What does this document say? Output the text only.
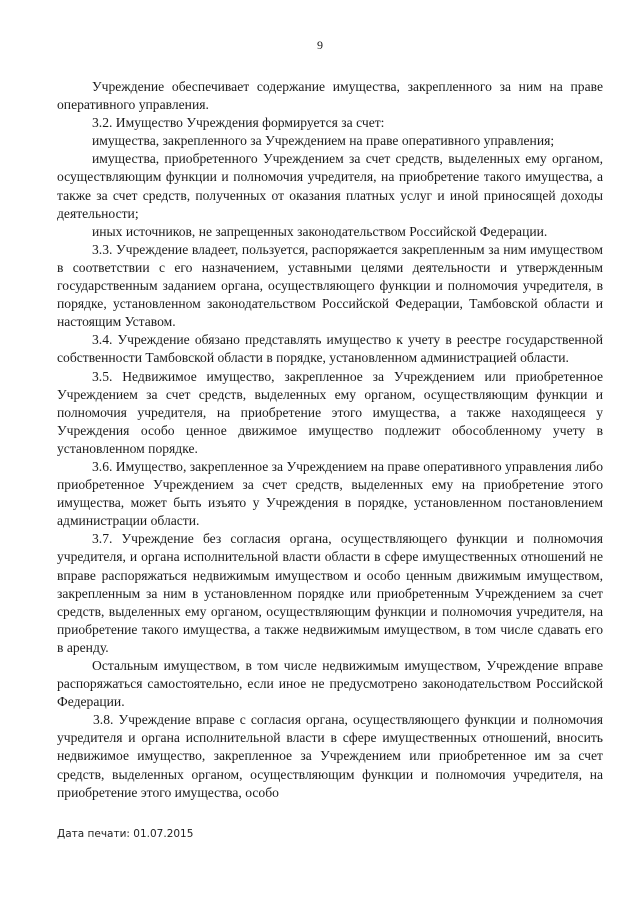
9

Учреждение обеспечивает содержание имущества, закрепленного за ним на праве оперативного управления.

3.2. Имущество Учреждения формируется за счет:

имущества, закрепленного за Учреждением на праве оперативного управления;

имущества, приобретенного Учреждением за счет средств, выделенных ему органом, осуществляющим функции и полномочия учредителя, на приобретение такого имущества, а также за счет средств, полученных от оказания платных услуг и иной приносящей доходы деятельности;

иных источников, не запрещенных законодательством Российской Федерации.

3.3. Учреждение владеет, пользуется, распоряжается закрепленным за ним имуществом в соответствии с его назначением, уставными целями деятельности и утвержденным государственным заданием органа, осуществляющего функции и полномочия учредителя, в порядке, установленном законодательством Российской Федерации, Тамбовской области и настоящим Уставом.

3.4. Учреждение обязано представлять имущество к учету в реестре государственной собственности Тамбовской области в порядке, установленном администрацией области.

3.5. Недвижимое имущество, закрепленное за Учреждением или приобретенное Учреждением за счет средств, выделенных ему органом, осуществляющим функции и полномочия учредителя, на приобретение этого имущества, а также находящееся у Учреждения особо ценное движимое имущество подлежит обособленному учету в установленном порядке.

3.6. Имущество, закрепленное за Учреждением на праве оперативного управления либо приобретенное Учреждением за счет средств, выделенных ему на приобретение этого имущества, может быть изъято у Учреждения в порядке, установленном постановлением администрации области.

3.7. Учреждение без согласия органа, осуществляющего функции и полномочия учредителя, и органа исполнительной власти области в сфере имущественных отношений не вправе распоряжаться недвижимым имуществом и особо ценным движимым имуществом, закрепленным за ним в установленном порядке или приобретенным Учреждением за счет средств, выделенных ему органом, осуществляющим функции и полномочия учредителя, на приобретение такого имущества, а также недвижимым имуществом, в том числе сдавать его в аренду.

Остальным имуществом, в том числе недвижимым имуществом, Учреждение вправе распоряжаться самостоятельно, если иное не предусмотрено законодательством Российской Федерации.

3.8. Учреждение вправе с согласия органа, осуществляющего функции и полномочия учредителя и органа исполнительной власти в сфере имущественных отношений, вносить недвижимое имущество, закрепленное за Учреждением или приобретенное им за счет средств, выделенных органом, осуществляющим функции и полномочия учредителя, на приобретение этого имущества, особо

Дата печати: 01.07.2015
